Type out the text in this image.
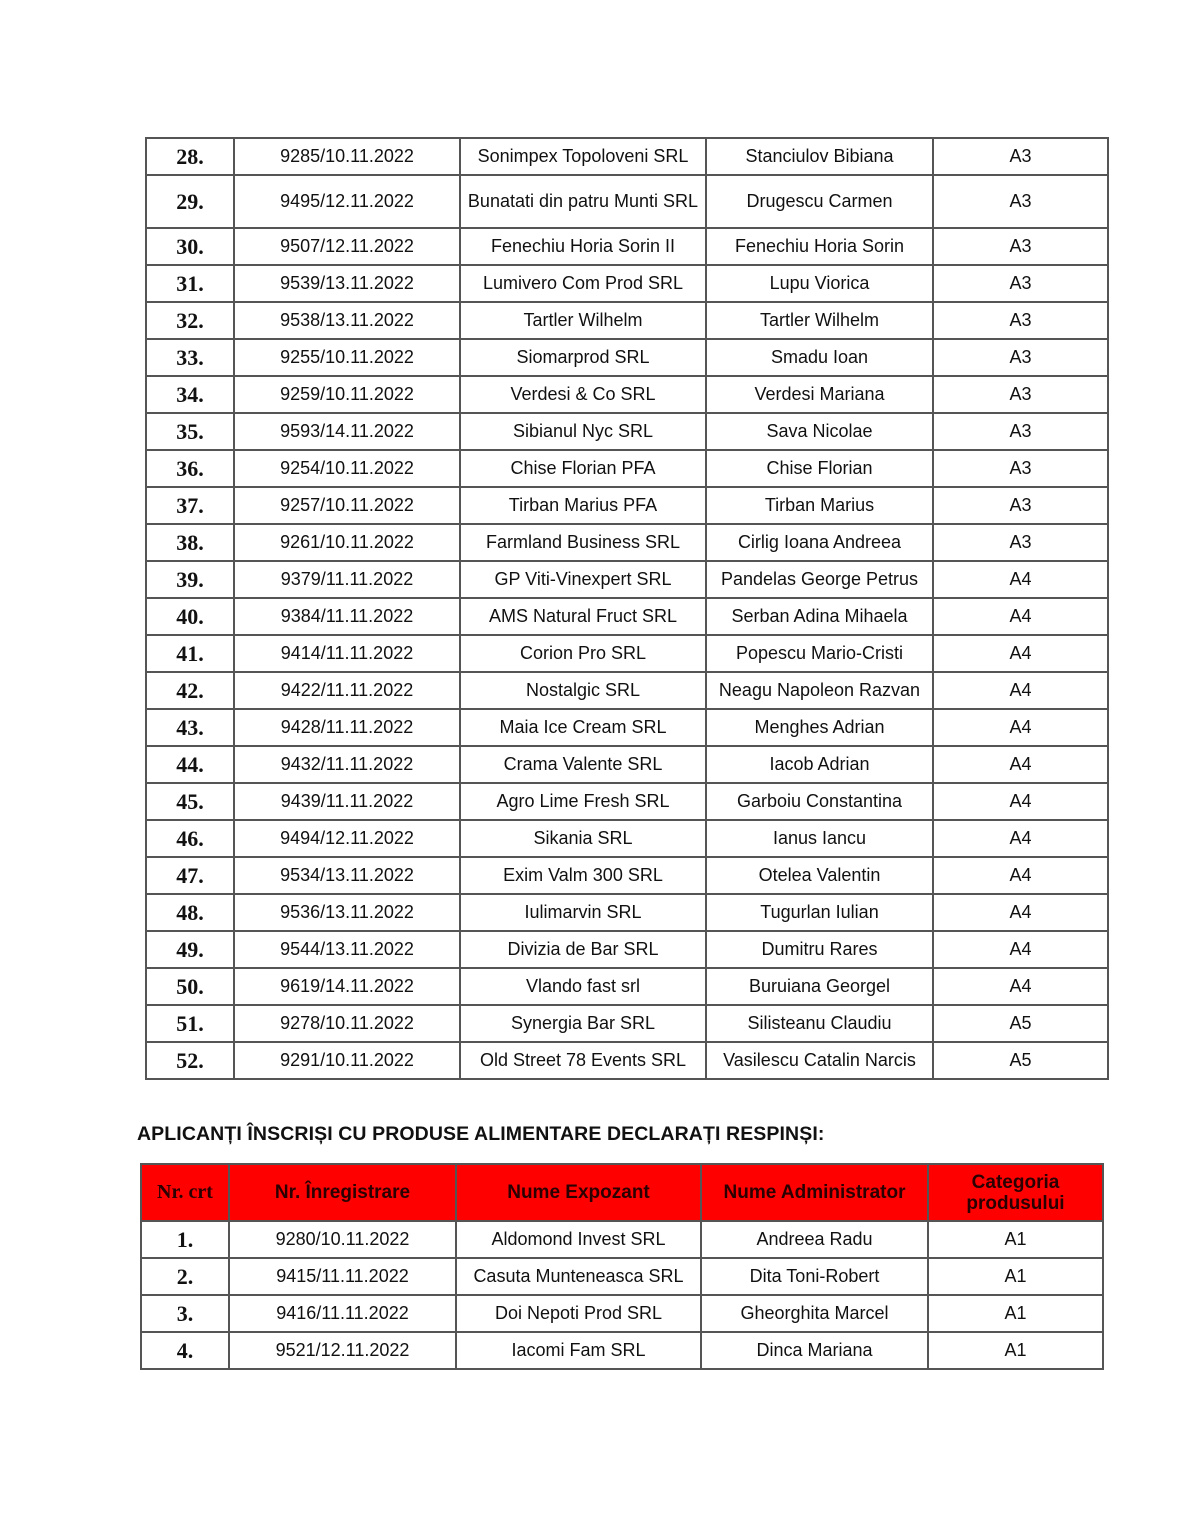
28.	9285/10.11.2022	Sonimpex Topoloveni SRL	Stanciulov Bibiana	A3
29.	9495/12.11.2022	Bunatati din patru Munti SRL	Drugescu Carmen	A3
30.	9507/12.11.2022	Fenechiu Horia Sorin II	Fenechiu Horia Sorin	A3
31.	9539/13.11.2022	Lumivero Com Prod SRL	Lupu Viorica	A3
32.	9538/13.11.2022	Tartler Wilhelm	Tartler Wilhelm	A3
33.	9255/10.11.2022	Siomarprod SRL	Smadu Ioan	A3
34.	9259/10.11.2022	Verdesi & Co SRL	Verdesi Mariana	A3
35.	9593/14.11.2022	Sibianul Nyc SRL	Sava Nicolae	A3
36.	9254/10.11.2022	Chise Florian PFA	Chise Florian	A3
37.	9257/10.11.2022	Tirban Marius PFA	Tirban Marius	A3
38.	9261/10.11.2022	Farmland Business SRL	Cirlig Ioana Andreea	A3
39.	9379/11.11.2022	GP Viti-Vinexpert SRL	Pandelas George Petrus	A4
40.	9384/11.11.2022	AMS Natural Fruct SRL	Serban Adina Mihaela	A4
41.	9414/11.11.2022	Corion Pro SRL	Popescu Mario-Cristi	A4
42.	9422/11.11.2022	Nostalgic SRL	Neagu Napoleon Razvan	A4
43.	9428/11.11.2022	Maia Ice Cream SRL	Menghes Adrian	A4
44.	9432/11.11.2022	Crama Valente SRL	Iacob Adrian	A4
45.	9439/11.11.2022	Agro Lime Fresh SRL	Garboiu Constantina	A4
46.	9494/12.11.2022	Sikania SRL	Ianus Iancu	A4
47.	9534/13.11.2022	Exim Valm 300 SRL	Otelea Valentin	A4
48.	9536/13.11.2022	Iulimarvin SRL	Tugurlan Iulian	A4
49.	9544/13.11.2022	Divizia de Bar SRL	Dumitru Rares	A4
50.	9619/14.11.2022	Vlando fast srl	Buruiana Georgel	A4
51.	9278/10.11.2022	Synergia Bar SRL	Silisteanu Claudiu	A5
52.	9291/10.11.2022	Old Street 78 Events SRL	Vasilescu Catalin Narcis	A5
APLICANȚI ÎNSCRIȘI CU PRODUSE ALIMENTARE DECLARAȚI RESPINȘI:
Nr. crt	Nr. Înregistrare	Nume Expozant	Nume Administrator	Categoria produsului
1.	9280/10.11.2022	Aldomond Invest SRL	Andreea Radu	A1
2.	9415/11.11.2022	Casuta Munteneasca SRL	Dita Toni-Robert	A1
3.	9416/11.11.2022	Doi Nepoti Prod SRL	Gheorghita Marcel	A1
4.	9521/12.11.2022	Iacomi Fam SRL	Dinca Mariana	A1
